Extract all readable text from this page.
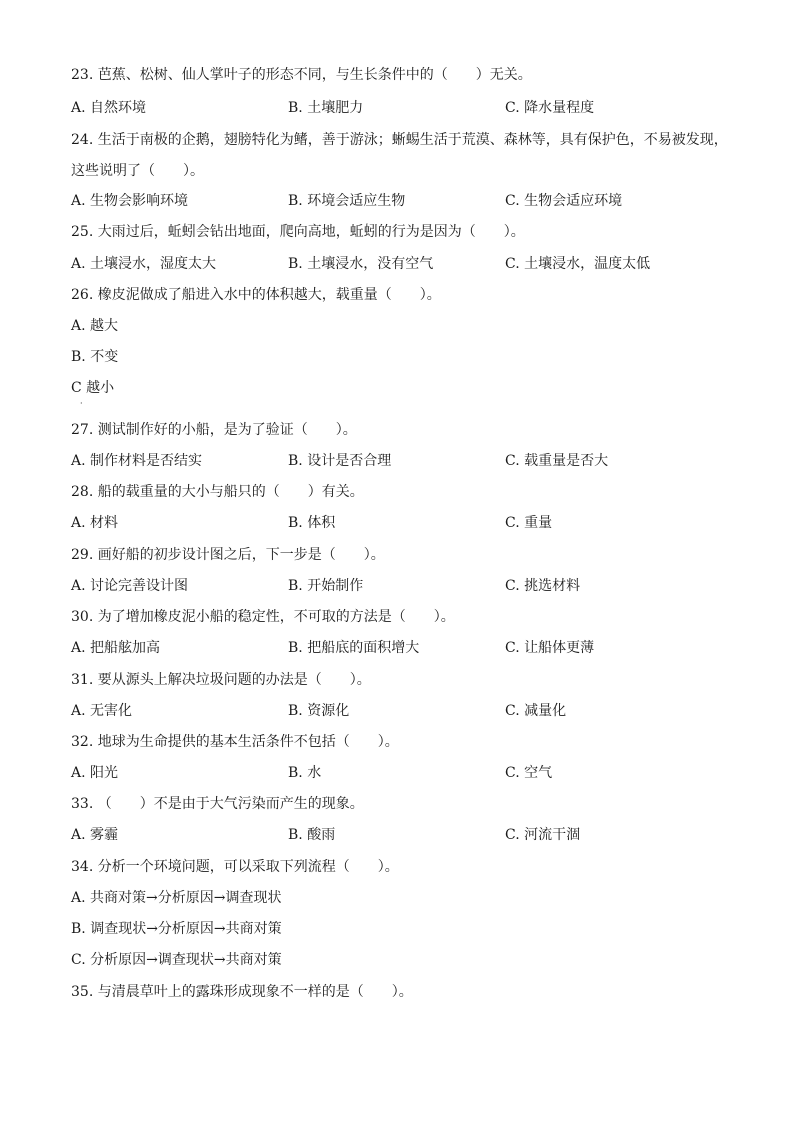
23. 芭蕉、松树、仙人掌叶子的形态不同，与生长条件中的（　　）无关。
A. 自然环境	B. 土壤肥力	C. 降水量程度
24. 生活于南极的企鹅，翅膀特化为鳍，善于游泳；蜥蜴生活于荒漠、森林等，具有保护色，不易被发现，
这些说明了（　　）。
A. 生物会影响环境	B. 环境会适应生物	C. 生物会适应环境
25. 大雨过后，蚯蚓会钻出地面，爬向高地，蚯蚓的行为是因为（　　）。
A. 土壤浸水，湿度太大	B. 土壤浸水，没有空气	C. 土壤浸水，温度太低
26. 橡皮泥做成了船进入水中的体积越大，载重量（　　）。
A. 越大
B. 不变
C 越小
·
27. 测试制作好的小船，是为了验证（　　）。
A. 制作材料是否结实	B. 设计是否合理	C. 载重量是否大
28. 船的载重量的大小与船只的（　　）有关。
A. 材料	B. 体积	C. 重量
29. 画好船的初步设计图之后，下一步是（　　）。
A. 讨论完善设计图	B. 开始制作	C. 挑选材料
30. 为了增加橡皮泥小船的稳定性，不可取的方法是（　　）。
A. 把船舷加高	B. 把船底的面积增大	C. 让船体更薄
31. 要从源头上解决垃圾问题的办法是（　　）。
A. 无害化	B. 资源化	C. 减量化
32. 地球为生命提供的基本生活条件不包括（　　）。
A. 阳光	B. 水	C. 空气
33. （　　）不是由于大气污染而产生的现象。
A. 雾霾	B. 酸雨	C. 河流干涸
34. 分析一个环境问题，可以采取下列流程（　　）。
A. 共商对策→分析原因→调查现状
B. 调查现状→分析原因→共商对策
C. 分析原因→调查现状→共商对策
35. 与清晨草叶上的露珠形成现象不一样的是（　　）。
